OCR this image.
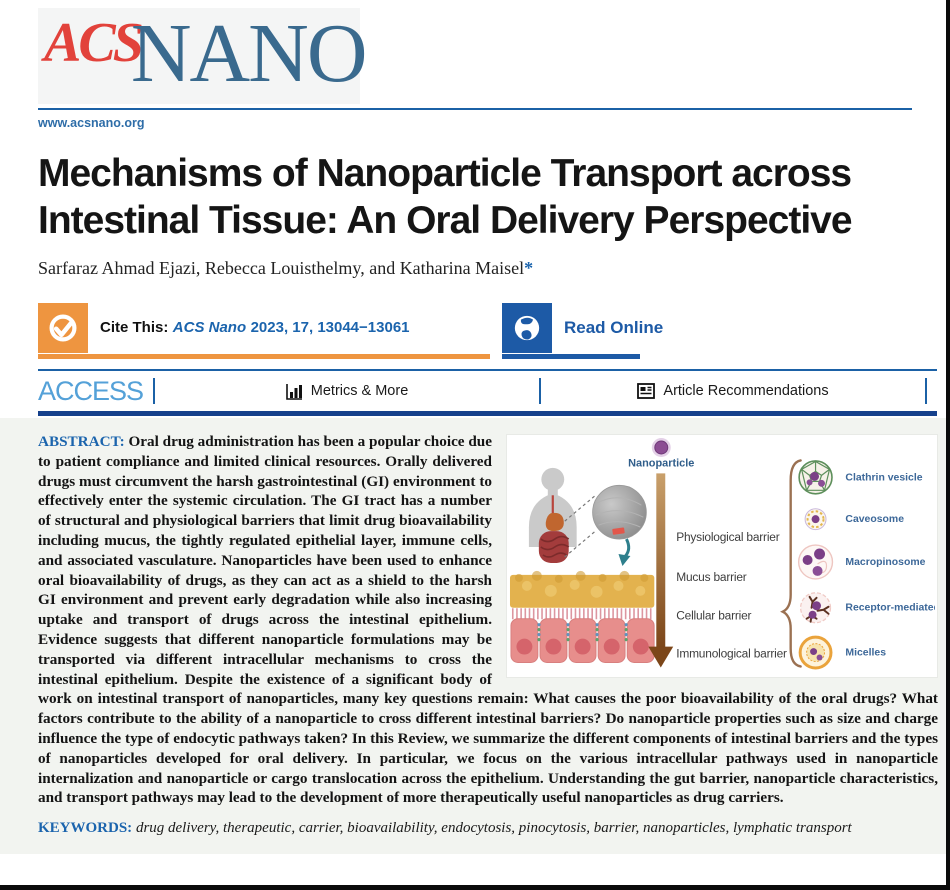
ACS
NANO
www.acsnano.org
Mechanisms of Nanoparticle Transport across
Intestinal Tissue: An Oral Delivery Perspective

Sarfaraz Ahmad Ejazi, Rebecca Louisthelmy, and Katharina Maisel*

Cite This: ACS Nano 2023, 17, 13044−13061	Read Online
ACCESS	Metrics & More	Article Recommendations
Nanoparticle
Physiological barrier
Mucus barrier
Cellular barrier
Immunological barrier
Clathrin vesicle
Caveosome
Macropinosome
Receptor-mediated
Micelles

ABSTRACT: Oral drug administration has been a popular choice due to patient compliance and limited clinical resources. Orally delivered drugs must circumvent the harsh gastrointestinal (GI) environment to effectively enter the systemic circulation. The GI tract has a number of structural and physiological barriers that limit drug bioavailability including mucus, the tightly regulated epithelial layer, immune cells, and associated vasculature. Nanoparticles have been used to enhance oral bioavailability of drugs, as they can act as a shield to the harsh GI environment and prevent early degradation while also increasing uptake and transport of drugs across the intestinal epithelium. Evidence suggests that different nanoparticle formulations may be transported via different intracellular mechanisms to cross the intestinal epithelium. Despite the existence of a significant body of work on intestinal transport of nanoparticles, many key questions remain: What causes the poor bioavailability of the oral drugs? What factors contribute to the ability of a nanoparticle to cross different intestinal barriers? Do nanoparticle properties such as size and charge influence the type of endocytic pathways taken? In this Review, we summarize the different components of intestinal barriers and the types of nanoparticles developed for oral delivery. In particular, we focus on the various intracellular pathways used in nanoparticle internalization and nanoparticle or cargo translocation across the epithelium. Understanding the gut barrier, nanoparticle characteristics, and transport pathways may lead to the development of more therapeutically useful nanoparticles as drug carriers.

KEYWORDS: drug delivery, therapeutic, carrier, bioavailability, endocytosis, pinocytosis, barrier, nanoparticles, lymphatic transport
